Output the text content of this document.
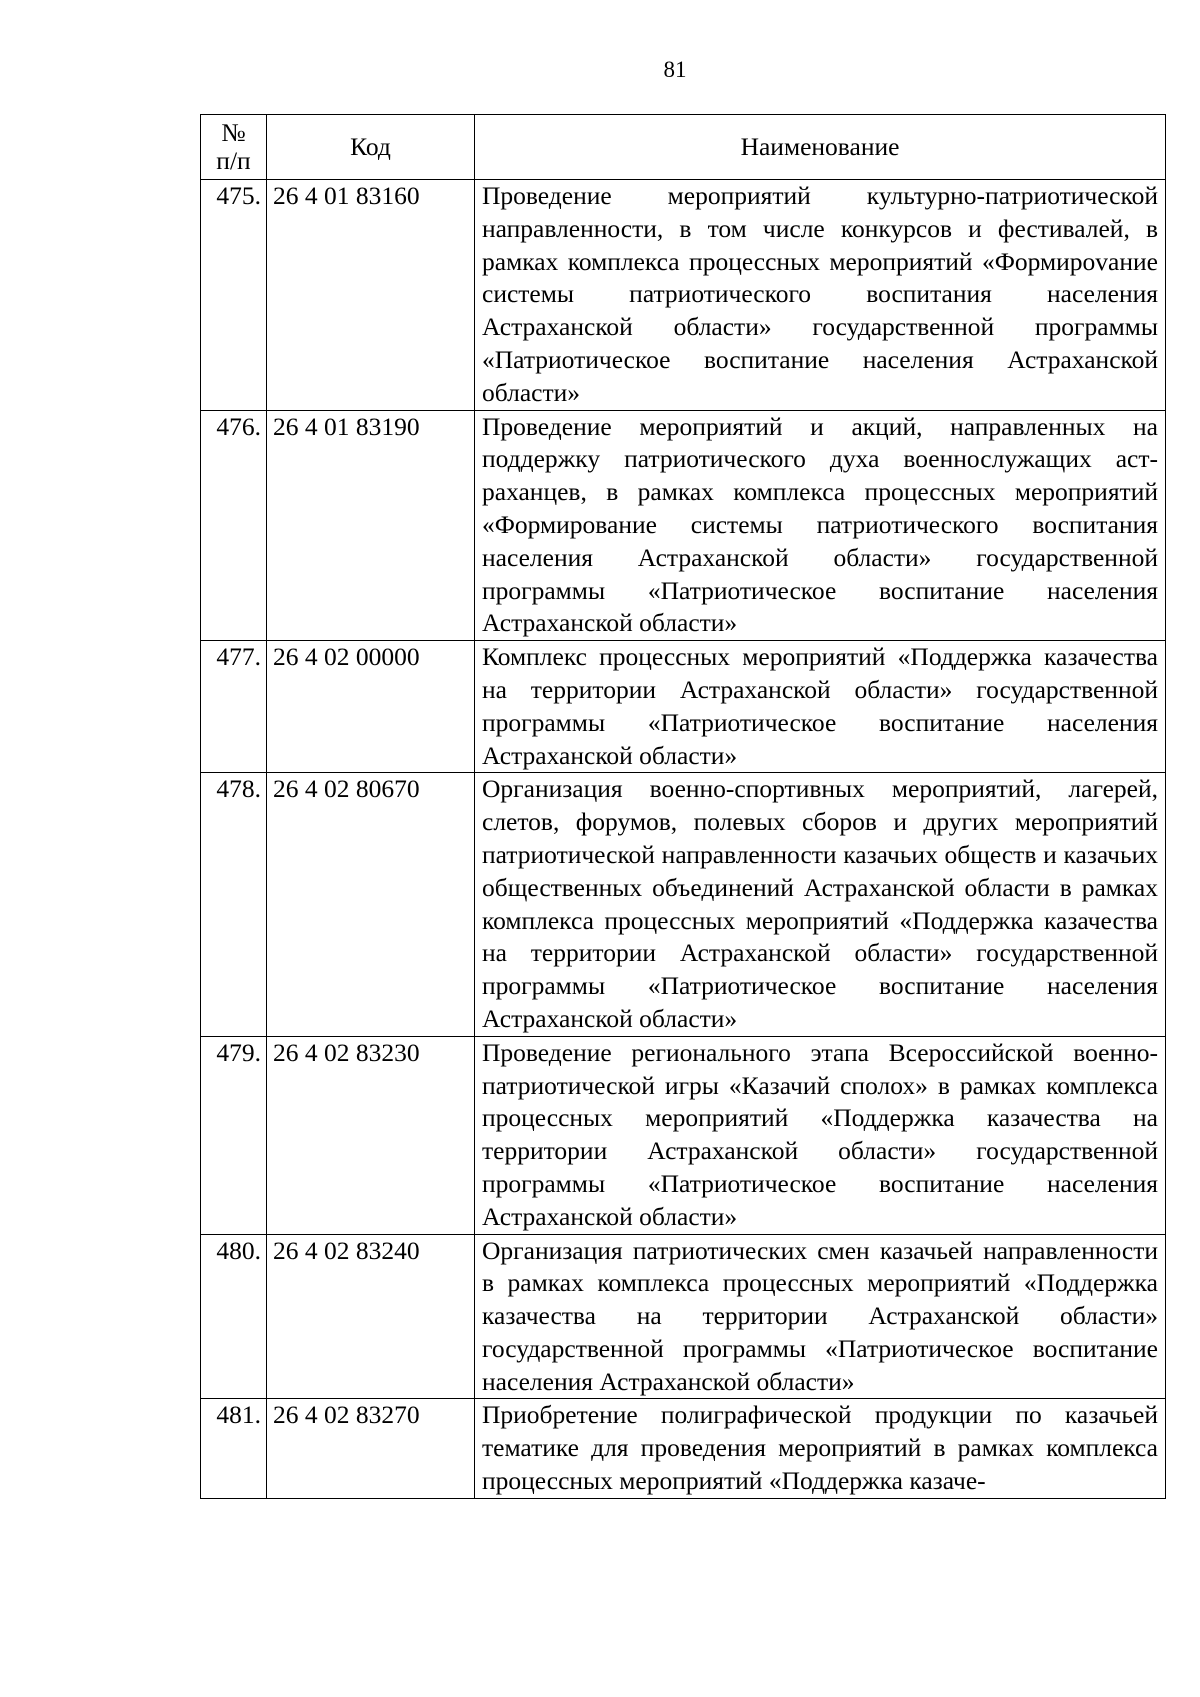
81
№
п/п	Код	Наименование
475.	26 4 01 83160	Проведение мероприятий культурно-патриотической направленности, в том числе конкурсов и фестивалей, в рамках комплекса процессных мероприятий «Формироvание системы патриотического воспитания населения Астраханской области» государственной программы «Патриотическое воспитание населения Астраханской области»
476.	26 4 01 83190	Проведение мероприятий и акций, направленных на поддержку патриотического духа военнослужащих астраханцев, в рамках комплекса процессных мероприятий «Формирование системы патриотического воспитания населения Астраханской области» государственной программы «Патриотическое воспитание населения Астраханской области»
477.	26 4 02 00000	Комплекс процессных мероприятий «Поддержка казачества на территории Астраханской области» государственной программы «Патриотическое воспитание населения Астраханской области»
478.	26 4 02 80670	Организация военно-спортивных мероприятий, лагерей, слетов, форумов, полевых сборов и других мероприятий патриотической направленности казачьих обществ и казачьих общественных объединений Астраханской области в рамках комплекса процессных мероприятий «Поддержка казачества на территории Астраханской области» государственной программы «Патриотическое воспитание населения Астраханской области»
479.	26 4 02 83230	Проведение регионального этапа Всероссийской военно-патриотической игры «Казачий сполох» в рамках комплекса процессных мероприятий «Поддержка казачества на территории Астраханской области» государственной программы «Патриотическое воспитание населения Астраханской области»
480.	26 4 02 83240	Организация патриотических смен казачьей направленности в рамках комплекса процессных мероприятий «Поддержка казачества на территории Астраханской области» государственной программы «Патриотическое воспитание населения Астраханской области»
481.	26 4 02 83270	Приобретение полиграфической продукции по казачьей тематике для проведения мероприятий в рамках комплекса процессных мероприятий «Поддержка казаче-
